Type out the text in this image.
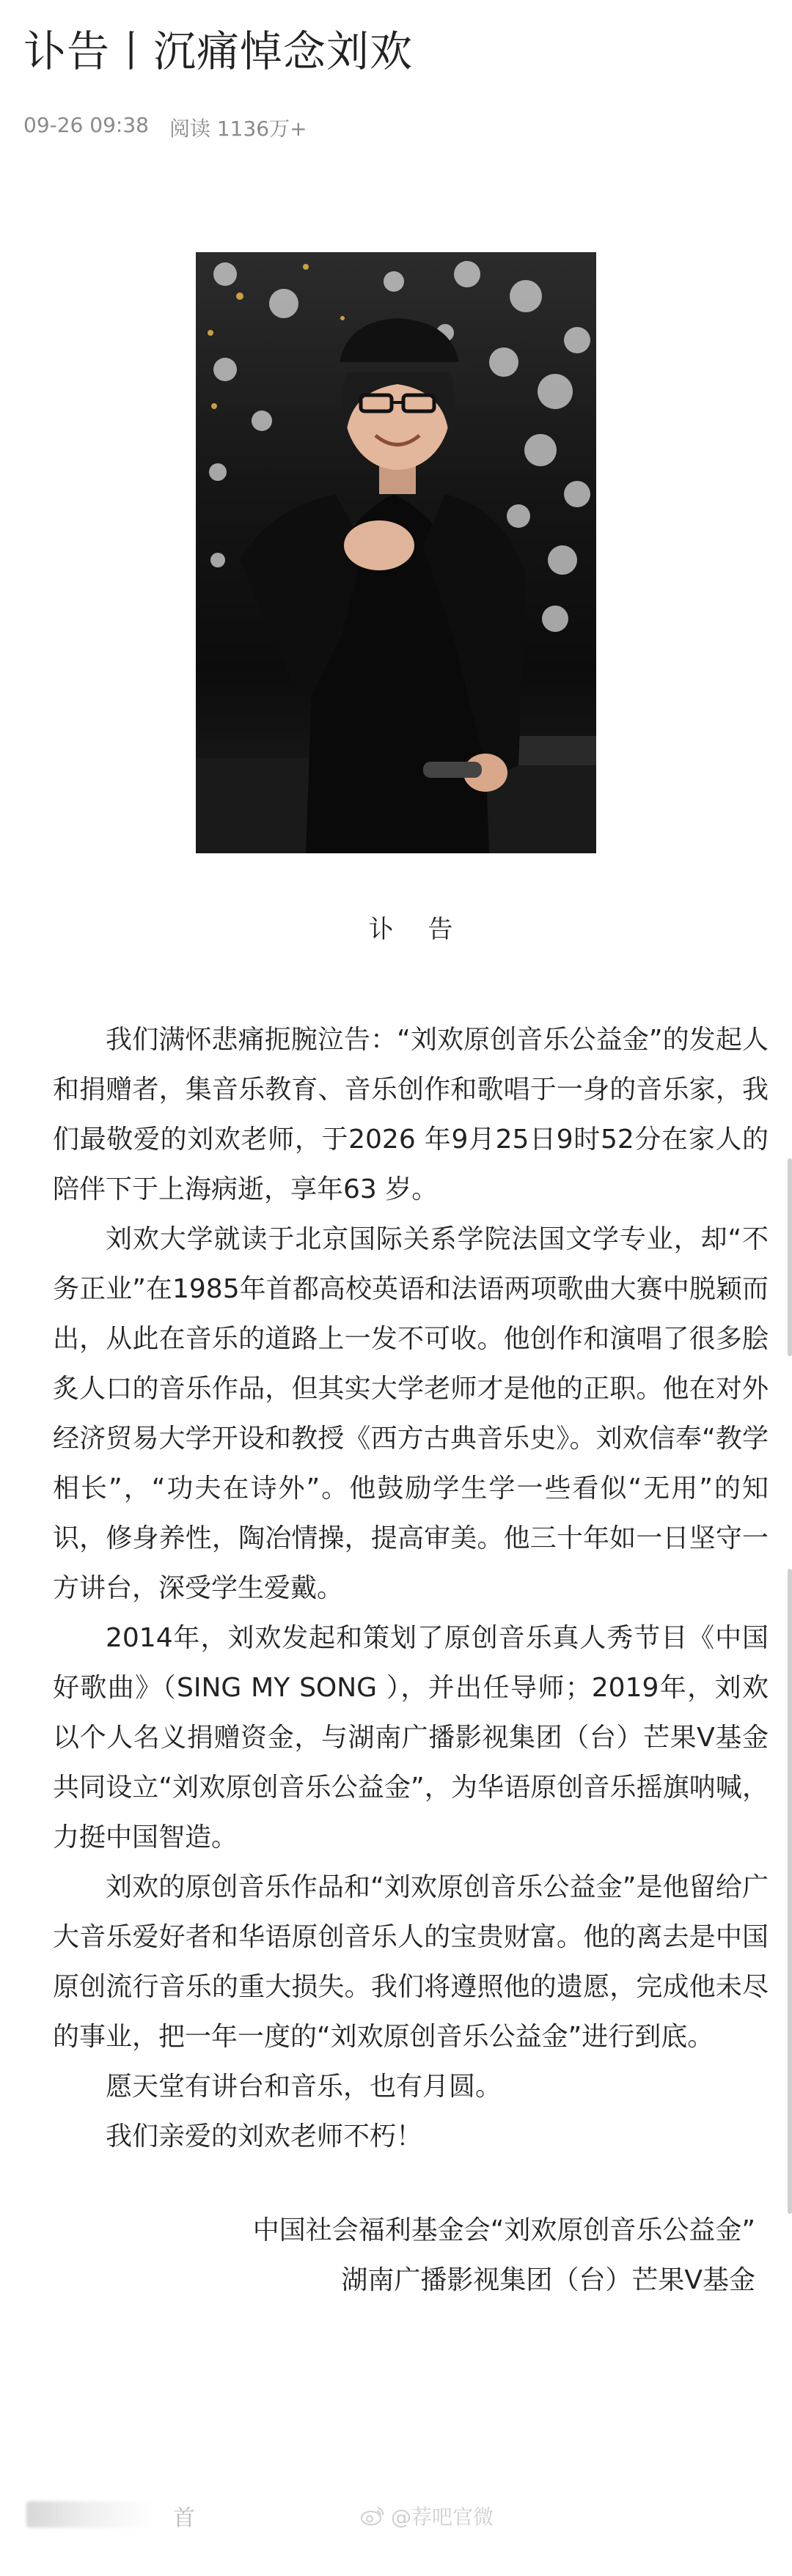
讣告丨沉痛悼念刘欢
09-26 09:38 阅读 1136万+
讣 告

我们满怀悲痛扼腕泣告：“刘欢原创音乐公益金”的发起人和捐赠者，集音乐教育、音乐创作和歌唱于一身的音乐家，我们最敬爱的刘欢老师，于2026 年9月25日9时52分在家人的陪伴下于上海病逝，享年63 岁。

刘欢大学就读于北京国际关系学院法国文学专业，却“不务正业”在1985年首都高校英语和法语两项歌曲大赛中脱颖而出，从此在音乐的道路上一发不可收。他创作和演唱了很多脍炙人口的音乐作品，但其实大学老师才是他的正职。他在对外经济贸易大学开设和教授《西方古典音乐史》。刘欢信奉“教学相长”，“功夫在诗外”。他鼓励学生学一些看似“无用”的知识，修身养性，陶冶情操，提高审美。他三十年如一日坚守一方讲台，深受学生爱戴。

2014年，刘欢发起和策划了原创音乐真人秀节目《中国好歌曲》（SING MY SONG ），并出任导师；2019年，刘欢以个人名义捐赠资金，与湖南广播影视集团（台）芒果V基金共同设立“刘欢原创音乐公益金”，为华语原创音乐摇旗呐喊，力挺中国智造。

刘欢的原创音乐作品和“刘欢原创音乐公益金”是他留给广大音乐爱好者和华语原创音乐人的宝贵财富。他的离去是中国原创流行音乐的重大损失。我们将遵照他的遗愿，完成他未尽的事业，把一年一度的“刘欢原创音乐公益金”进行到底。

愿天堂有讲台和音乐，也有月圆。

我们亲爱的刘欢老师不朽！

中国社会福利基金会“刘欢原创音乐公益金”
湖南广播影视集团（台）芒果V基金
首	@荐吧官微
